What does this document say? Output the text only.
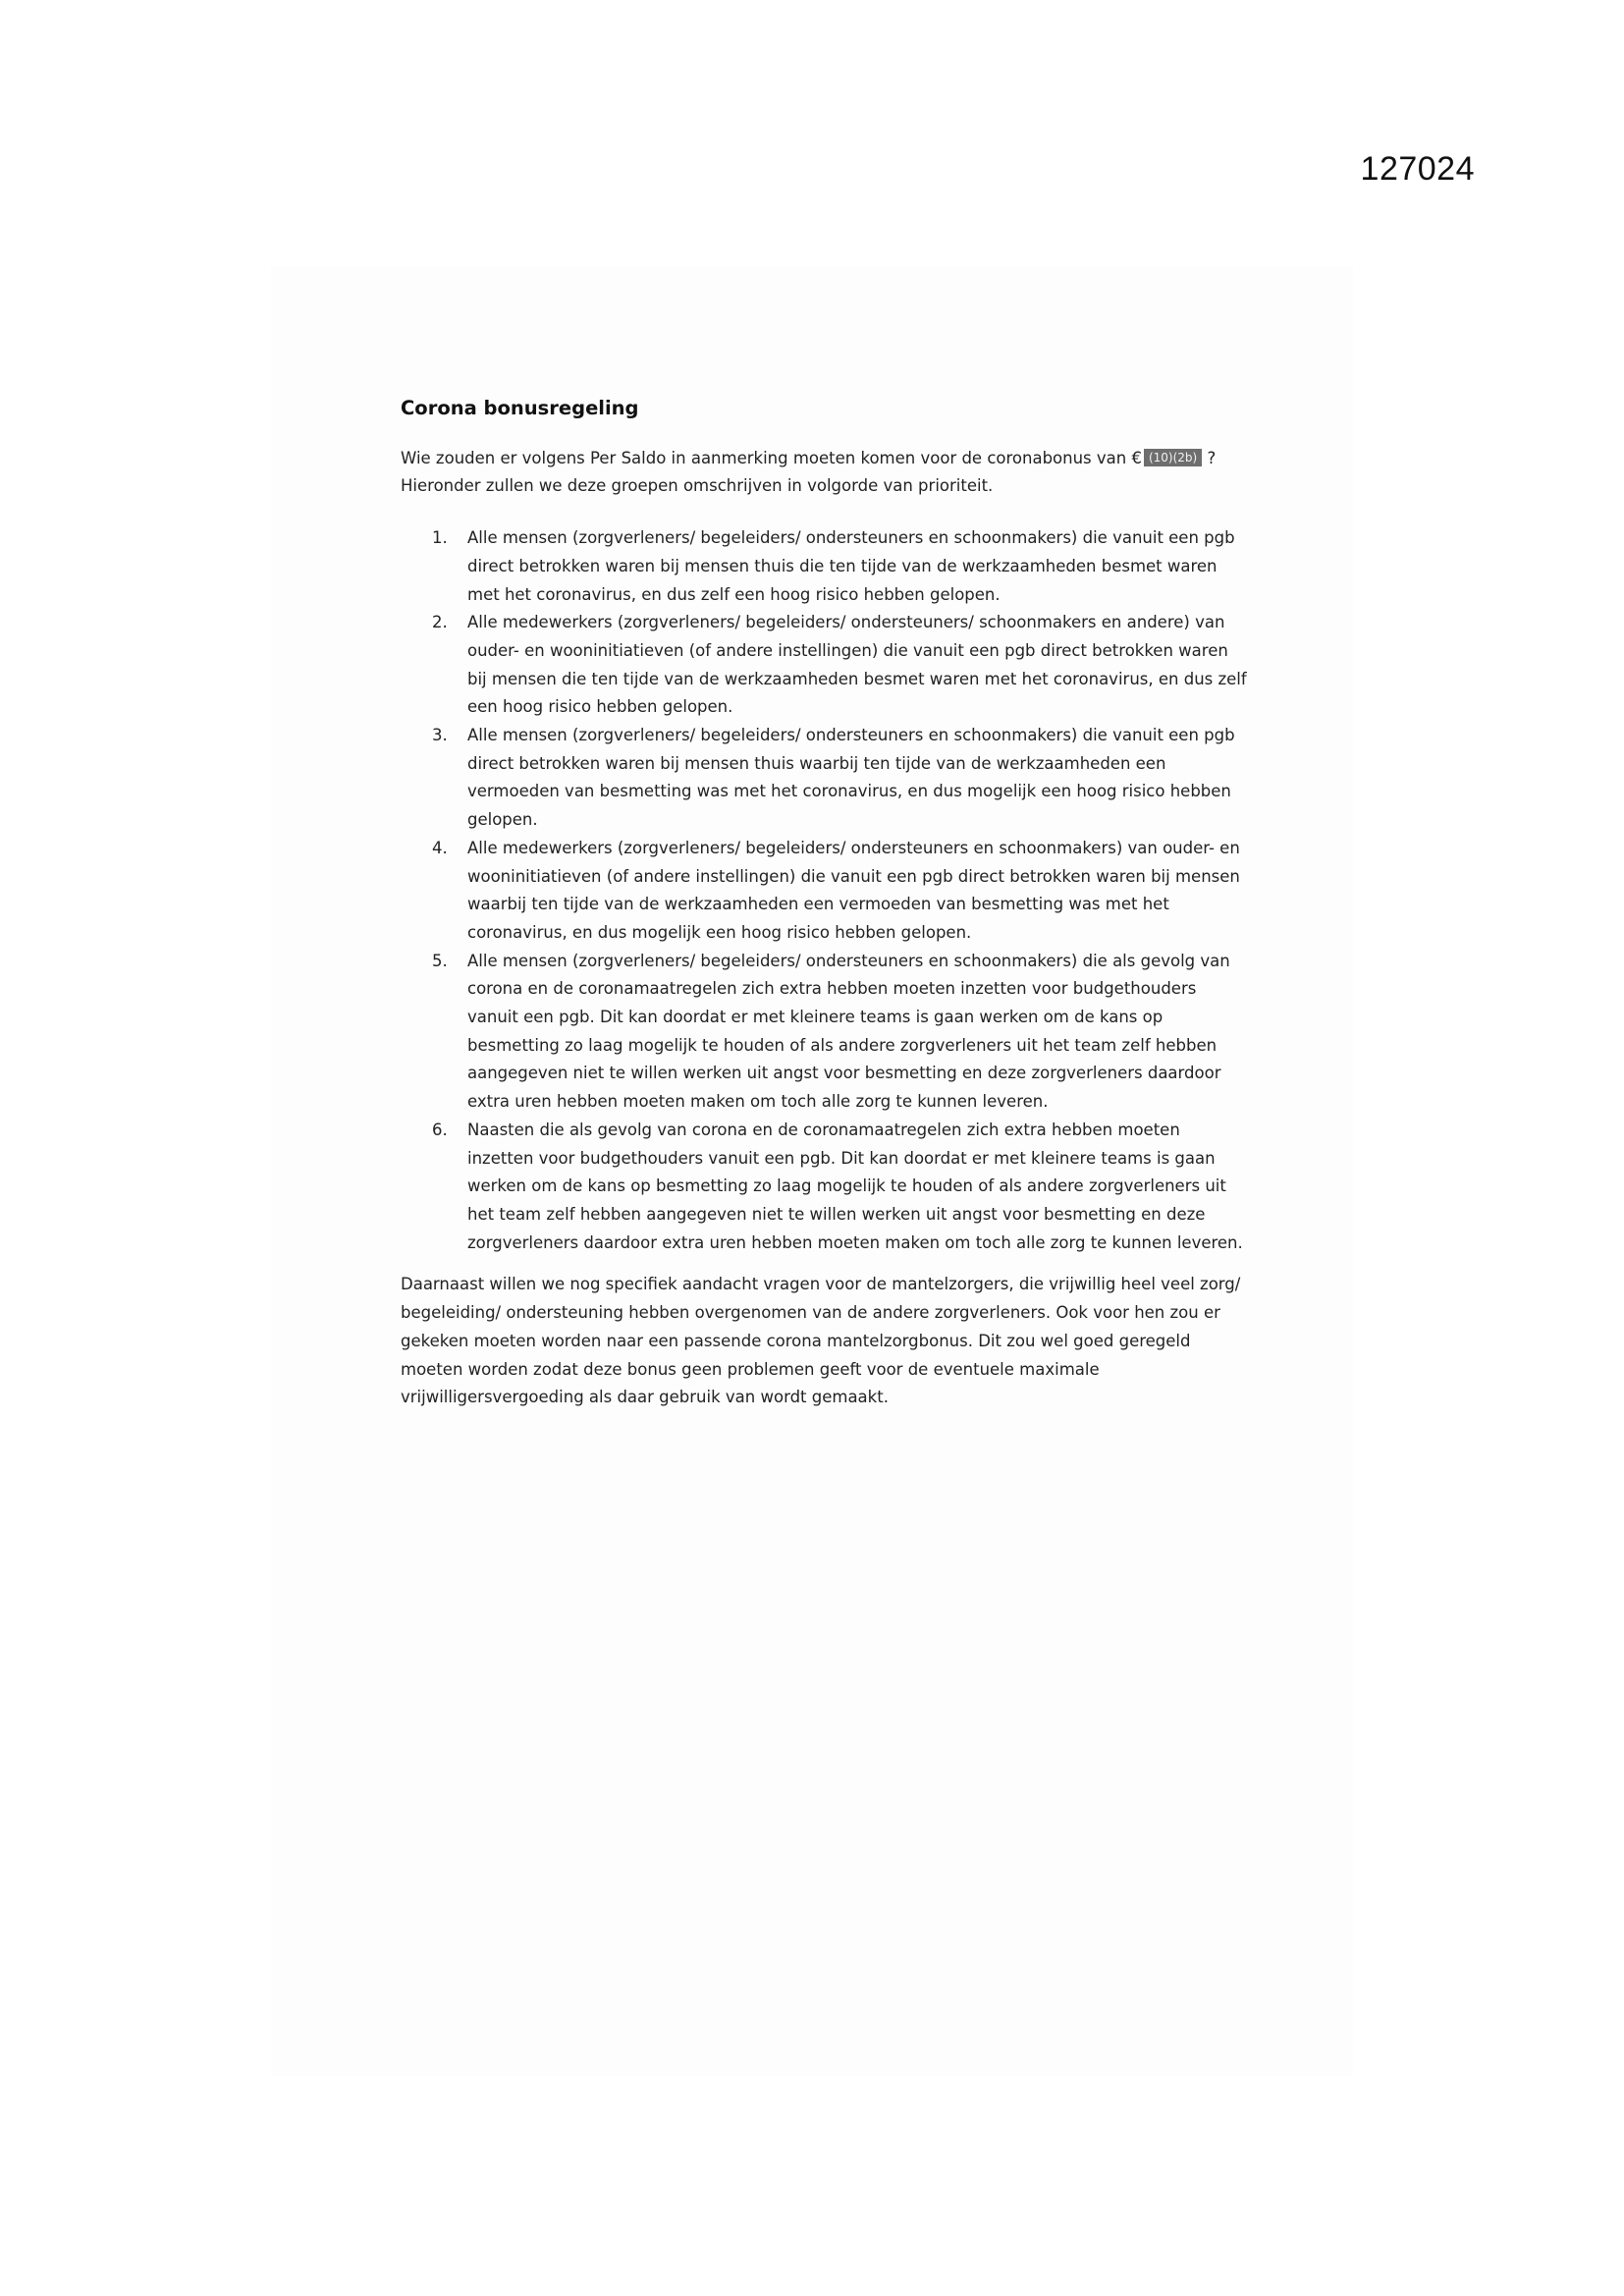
127024
Corona bonusregeling

Wie zouden er volgens Per Saldo in aanmerking moeten komen voor de coronabonus van € (10)(2b) ?
Hieronder zullen we deze groepen omschrijven in volgorde van prioriteit.

1. Alle mensen (zorgverleners/ begeleiders/ ondersteuners en schoonmakers) die vanuit een pgb direct betrokken waren bij mensen thuis die ten tijde van de werkzaamheden besmet waren met het coronavirus, en dus zelf een hoog risico hebben gelopen.
2. Alle medewerkers (zorgverleners/ begeleiders/ ondersteuners/ schoonmakers en andere) van ouder- en wooninitiatieven (of andere instellingen) die vanuit een pgb direct betrokken waren bij mensen die ten tijde van de werkzaamheden besmet waren met het coronavirus, en dus zelf een hoog risico hebben gelopen.
3. Alle mensen (zorgverleners/ begeleiders/ ondersteuners en schoonmakers) die vanuit een pgb direct betrokken waren bij mensen thuis waarbij ten tijde van de werkzaamheden een vermoeden van besmetting was met het coronavirus, en dus mogelijk een hoog risico hebben gelopen.
4. Alle medewerkers (zorgverleners/ begeleiders/ ondersteuners en schoonmakers) van ouder- en wooninitiatieven (of andere instellingen) die vanuit een pgb direct betrokken waren bij mensen waarbij ten tijde van de werkzaamheden een vermoeden van besmetting was met het coronavirus, en dus mogelijk een hoog risico hebben gelopen.
5. Alle mensen (zorgverleners/ begeleiders/ ondersteuners en schoonmakers) die als gevolg van corona en de coronamaatregelen zich extra hebben moeten inzetten voor budgethouders vanuit een pgb. Dit kan doordat er met kleinere teams is gaan werken om de kans op besmetting zo laag mogelijk te houden of als andere zorgverleners uit het team zelf hebben aangegeven niet te willen werken uit angst voor besmetting en deze zorgverleners daardoor extra uren hebben moeten maken om toch alle zorg te kunnen leveren.
6. Naasten die als gevolg van corona en de coronamaatregelen zich extra hebben moeten inzetten voor budgethouders vanuit een pgb. Dit kan doordat er met kleinere teams is gaan werken om de kans op besmetting zo laag mogelijk te houden of als andere zorgverleners uit het team zelf hebben aangegeven niet te willen werken uit angst voor besmetting en deze zorgverleners daardoor extra uren hebben moeten maken om toch alle zorg te kunnen leveren.

Daarnaast willen we nog specifiek aandacht vragen voor de mantelzorgers, die vrijwillig heel veel zorg/ begeleiding/ ondersteuning hebben overgenomen van de andere zorgverleners. Ook voor hen zou er gekeken moeten worden naar een passende corona mantelzorgbonus. Dit zou wel goed geregeld moeten worden zodat deze bonus geen problemen geeft voor de eventuele maximale vrijwilligersvergoeding als daar gebruik van wordt gemaakt.
